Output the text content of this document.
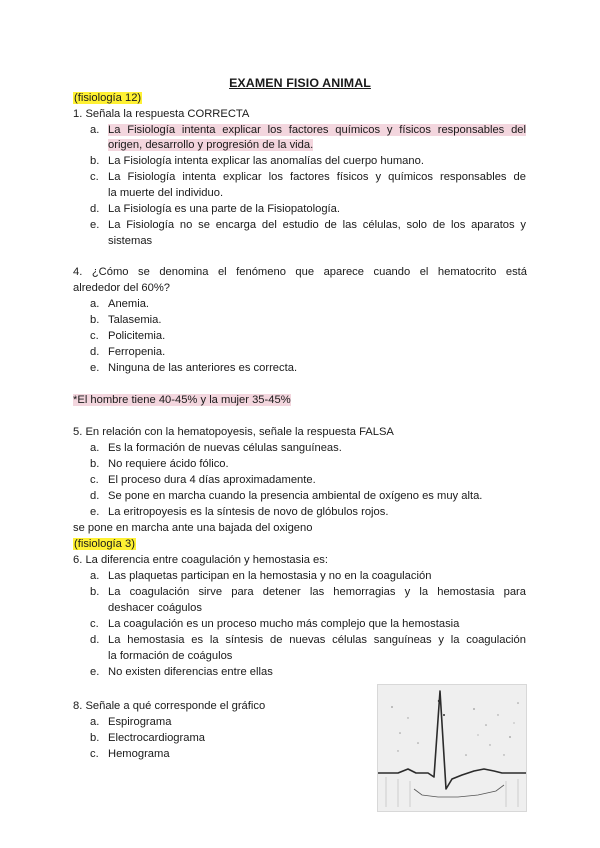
EXAMEN FISIO ANIMAL
(fisiología 12)
1. Señala la respuesta CORRECTA
a. La Fisiología intenta explicar los factores químicos y físicos responsables del
origen, desarrollo y progresión de la vida.
b. La Fisiología intenta explicar las anomalías del cuerpo humano.
c. La Fisiología intenta explicar los factores físicos y químicos responsables de
la muerte del individuo.
d. La Fisiología es una parte de la Fisiopatología.
e. La Fisiología no se encarga del estudio de las células, solo de los aparatos y
sistemas
4. ¿Cómo se denomina el fenómeno que aparece cuando el hematocrito está
alrededor del 60%?
a. Anemia.
b. Talasemia.
c. Policitemia.
d. Ferropenia.
e. Ninguna de las anteriores es correcta.
*El hombre tiene 40-45% y la mujer 35-45%
5. En relación con la hematopoyesis, señale la respuesta FALSA
a. Es la formación de nuevas células sanguíneas.
b. No requiere ácido fólico.
c. El proceso dura 4 días aproximadamente.
d. Se pone en marcha cuando la presencia ambiental de oxígeno es muy alta.
e. La eritropoyesis es la síntesis de novo de glóbulos rojos.
se pone en marcha ante una bajada del oxigeno
(fisiología 3)
6. La diferencia entre coagulación y hemostasia es:
a. Las plaquetas participan en la hemostasia y no en la coagulación
b. La coagulación sirve para detener las hemorragias y la hemostasia para
deshacer coágulos
c. La coagulación es un proceso mucho más complejo que la hemostasia
d. La hemostasia es la síntesis de nuevas células sanguíneas y la coagulación
la formación de coágulos
e. No existen diferencias entre ellas
8. Señale a qué corresponde el gráfico
a. Espirograma
b. Electrocardiograma
c. Hemograma
